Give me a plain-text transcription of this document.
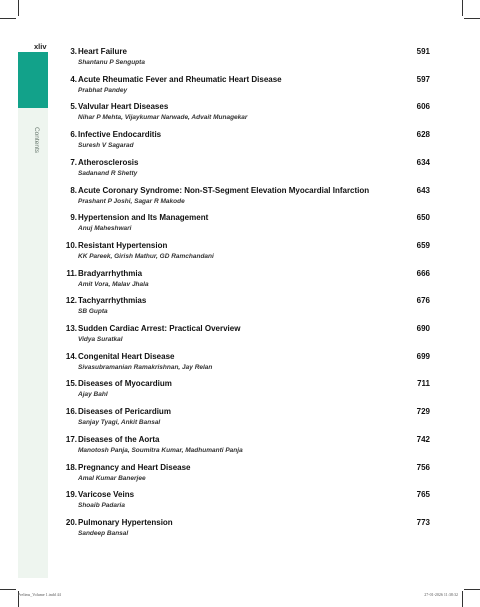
xliv
Contents
3. Heart Failure
Shantanu P Sengupta
591
4. Acute Rheumatic Fever and Rheumatic Heart Disease
Prabhat Pandey
597
5. Valvular Heart Diseases
Nihar P Mehta, Vijaykumar Narwade, Advait Munagekar
606
6. Infective Endocarditis
Suresh V Sagarad
628
7. Atherosclerosis
Sadanand R Shetty
634
8. Acute Coronary Syndrome: Non-ST-Segment Elevation Myocardial Infarction
Prashant P Joshi, Sagar R Makode
643
9. Hypertension and Its Management
Anuj Maheshwari
650
10. Resistant Hypertension
KK Pareek, Girish Mathur, GD Ramchandani
659
11. Bradyarrhythmia
Amit Vora, Malav Jhala
666
12. Tachyarrhythmias
SB Gupta
676
13. Sudden Cardiac Arrest: Practical Overview
Vidya Suratkal
690
14. Congenital Heart Disease
Sivasubramanian Ramakrishnan, Jay Relan
699
15. Diseases of Myocardium
Ajay Bahl
711
16. Diseases of Pericardium
Sanjay Tyagi, Ankit Bansal
729
17. Diseases of the Aorta
Manotosh Panja, Soumitra Kumar, Madhumanti Panja
742
18. Pregnancy and Heart Disease
Amal Kumar Banerjee
756
19. Varicose Veins
Shoaib Padaria
765
20. Pulmonary Hypertension
Sandeep Bansal
773
Prelims_Volume 1.indd 44	27-01-2026 11:38:32
